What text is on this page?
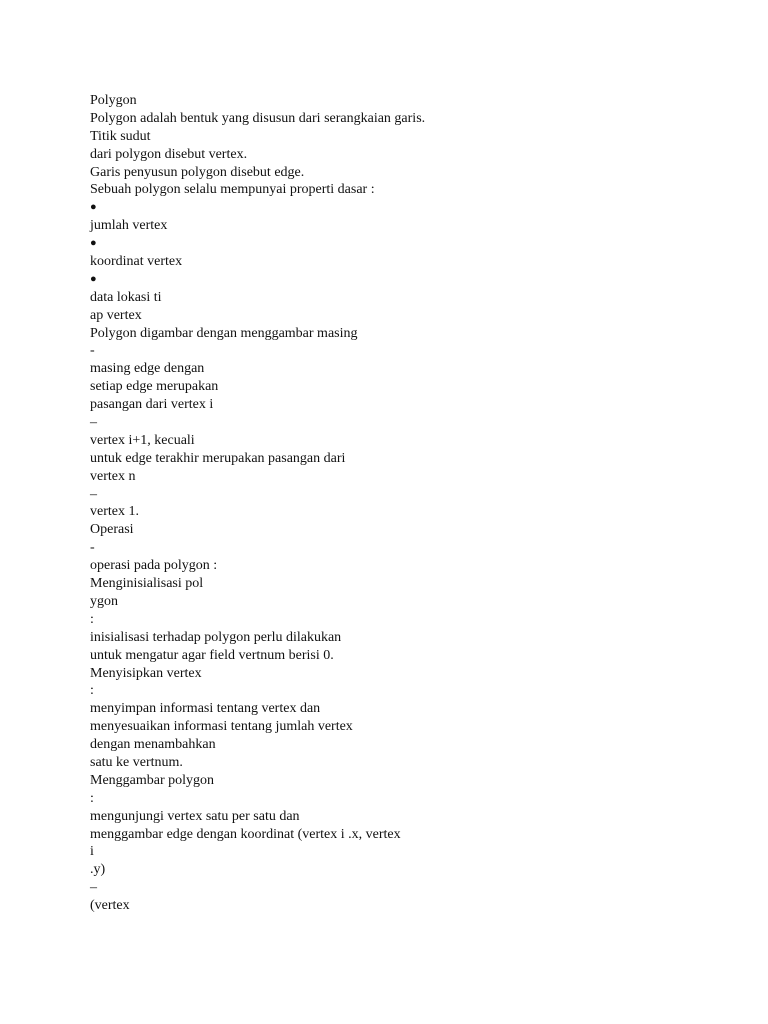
Polygon
Polygon adalah bentuk yang disusun dari serangkaian garis.
Titik sudut
dari polygon disebut vertex.
Garis penyusun polygon disebut edge.
Sebuah polygon selalu mempunyai properti dasar :
●
jumlah vertex
●
koordinat vertex
●
data lokasi ti
ap vertex
Polygon digambar dengan menggambar masing
-
masing edge dengan
setiap edge merupakan
pasangan dari vertex i
–
vertex i+1, kecuali
untuk edge terakhir merupakan pasangan dari
vertex n
–
vertex 1.
Operasi
-
operasi pada polygon :
Menginisialisasi pol
ygon
:
inisialisasi terhadap polygon perlu dilakukan
untuk mengatur agar field vertnum berisi 0.
Menyisipkan vertex
:
menyimpan informasi tentang vertex dan
menyesuaikan informasi tentang jumlah vertex
dengan menambahkan
satu ke vertnum.
Menggambar polygon
:
mengunjungi vertex satu per satu dan
menggambar edge dengan koordinat (vertex i .x, vertex
i
.y)
–
(vertex
